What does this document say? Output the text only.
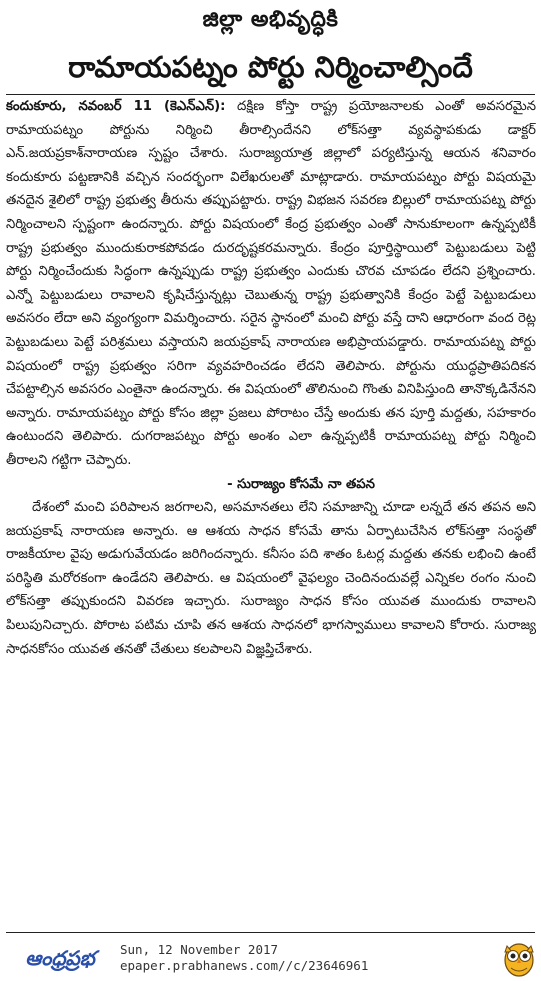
జిల్లా అభివృద్ధికి
రామాయపట్నం పోర్టు నిర్మించాల్సిందే

కందుకూరు, నవంబర్ 11 (కెఎన్ఎన్): దక్షిణ కోస్తా రాష్ట్ర ప్రయోజనాలకు ఎంతో అవసరమైన రామాయపట్నం పోర్టును నిర్మించి తీరాల్సిందేనని లోక్‌సత్తా వ్యవస్థాపకుడు డాక్టర్ ఎన్.జయప్రకాశ్‌నారాయణ స్పష్టం చేశారు. సురాజ్యయాత్ర జిల్లాలో పర్యటిస్తున్న ఆయన శనివారం కందుకూరు పట్టణానికి వచ్చిన సందర్భంగా విలేఖరులతో మాట్లాడారు. రామాయపట్నం పోర్టు విషయమై తనదైన శైలిలో రాష్ట్ర ప్రభుత్వ తీరును తప్పుపట్టారు. రాష్ట్ర విభజన సవరణ బిల్లులో రామాయపట్న పోర్టు నిర్మించాలని స్పష్టంగా ఉందన్నారు. పోర్టు విషయంలో కేంద్ర ప్రభుత్వం ఎంతో సానుకూలంగా ఉన్నప్పటికీ రాష్ట్ర ప్రభుత్వం ముందుకురాకపోవడం దురదృష్టకరమన్నారు. కేంద్రం పూర్తిస్థాయిలో పెట్టుబడులు పెట్టి పోర్టు నిర్మించేందుకు సిద్ధంగా ఉన్నప్పుడు రాష్ట్ర ప్రభుత్వం ఎందుకు చొరవ చూపడం లేదని ప్రశ్నించారు. ఎన్నో పెట్టుబడులు రావాలని కృషిచేస్తున్నట్లు చెబుతున్న రాష్ట్ర ప్రభుత్వానికి కేంద్రం పెట్టే పెట్టుబడులు అవసరం లేదా అని వ్యంగ్యంగా విమర్శించారు. సరైన స్థానంలో మంచి పోర్టు వస్తే దాని ఆధారంగా వంద రెట్ల పెట్టుబడులు పెట్టే పరిశ్రమలు వస్తాయని జయప్రకాష్ నారాయణ అభిప్రాయపడ్డారు. రామాయపట్న పోర్టు విషయంలో రాష్ట్ర ప్రభుత్వం సరిగా వ్యవహరించడం లేదని తెలిపారు. పోర్టును యుద్ధప్రాతిపదికన చేపట్టాల్సిన అవసరం ఎంతైనా ఉందన్నారు. ఈ విషయంలో తొలినుంచి గొంతు వినిపిస్తుంది తానొక్కడినేనని అన్నారు. రామాయపట్నం పోర్టు కోసం జిల్లా ప్రజలు పోరాటం చేస్తే అందుకు తన పూర్తి మద్దతు, సహకారం ఉంటుందని తెలిపారు. దుగరాజపట్నం పోర్టు అంశం ఎలా ఉన్నప్పటికీ రామాయపట్న పోర్టు నిర్మించి తీరాలని గట్టిగా చెప్పారు.

- సురాజ్యం కోసమే నా తపన

దేశంలో మంచి పరిపాలన జరగాలని, అసమానతలు లేని సమాజాన్ని చూడా లన్నదే తన తపన అని జయప్రకాష్ నారాయణ అన్నారు. ఆ ఆశయ సాధన కోసమే తాను ఏర్పాటుచేసిన లోక్‌సత్తా సంస్థతో రాజకీయాల వైపు అడుగువేయడం జరిగిందన్నారు. కనీసం పది శాతం ఓటర్ల మద్దతు తనకు లభించి ఉంటే పరిస్థితి మరోరకంగా ఉండేదని తెలిపారు. ఆ విషయంలో వైఫల్యం చెందినందువల్లే ఎన్నికల రంగం నుంచి లోక్‌సత్తా తప్పుకుందని వివరణ ఇచ్చారు. సురాజ్యం సాధన కోసం యువత ముందుకు రావాలని పిలుపునిచ్చారు. పోరాట పటిమ చూపి తన ఆశయ సాధనలో భాగస్వాములు కావాలని కోరారు. సురాజ్య సాధనకోసం యువత తనతో చేతులు కలపాలని విజ్ఞప్తిచేశారు.

ఆంధ్రప్రభ	Sun, 12 November 2017
epaper.prabhanews.com//c/23646961
